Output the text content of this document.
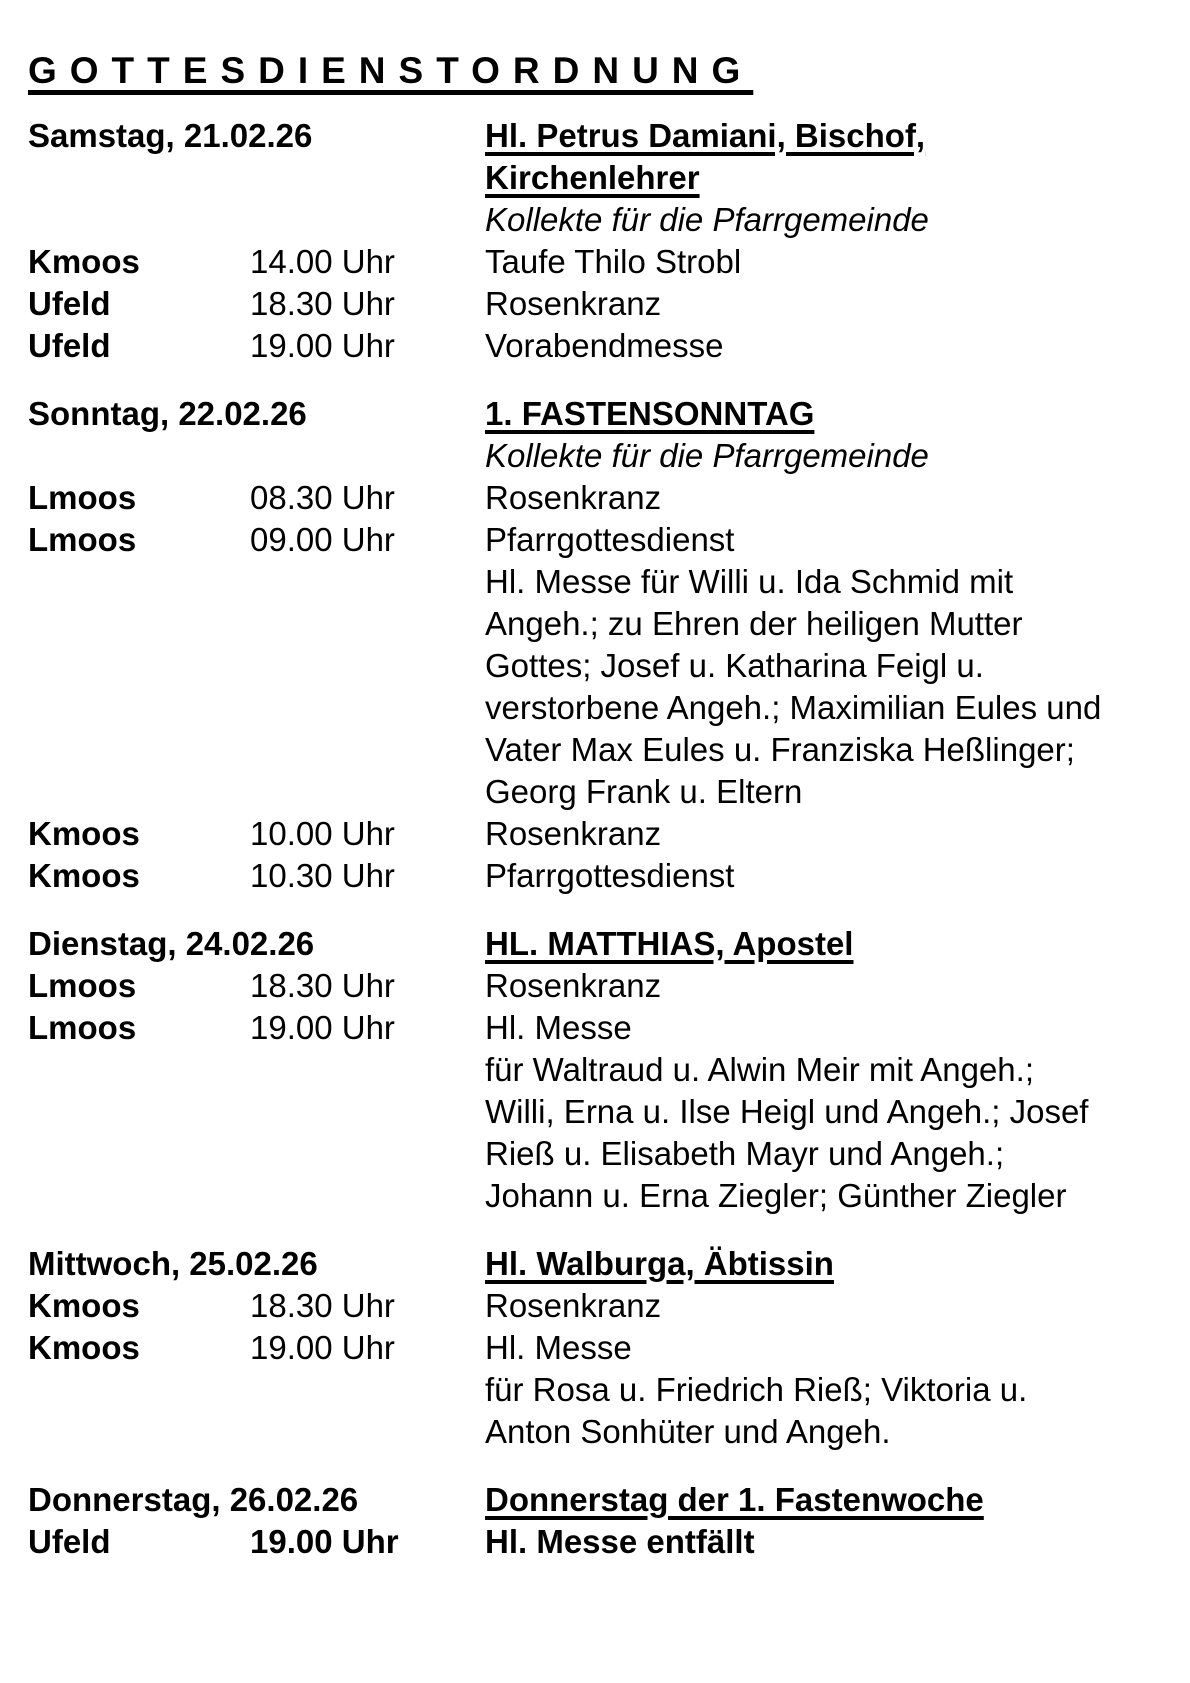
GOTTESDIENSTORDNUNG
Samstag, 21.02.26	Hl. Petrus Damiani, Bischof,
Kirchenlehrer
Kollekte für die Pfarrgemeinde
Kmoos	14.00 Uhr	Taufe Thilo Strobl
Ufeld	18.30 Uhr	Rosenkranz
Ufeld	19.00 Uhr	Vorabendmesse
Sonntag, 22.02.26	1. FASTENSONNTAG
Kollekte für die Pfarrgemeinde
Lmoos	08.30 Uhr	Rosenkranz
Lmoos	09.00 Uhr	Pfarrgottesdienst
Hl. Messe für Willi u. Ida Schmid mit
Angeh.; zu Ehren der heiligen Mutter
Gottes; Josef u. Katharina Feigl u.
verstorbene Angeh.; Maximilian Eules und
Vater Max Eules u. Franziska Heßlinger;
Georg Frank u. Eltern
Kmoos	10.00 Uhr	Rosenkranz
Kmoos	10.30 Uhr	Pfarrgottesdienst
Dienstag, 24.02.26	HL. MATTHIAS, Apostel
Lmoos	18.30 Uhr	Rosenkranz
Lmoos	19.00 Uhr	Hl. Messe
für Waltraud u. Alwin Meir mit Angeh.;
Willi, Erna u. Ilse Heigl und Angeh.; Josef
Rieß u. Elisabeth Mayr und Angeh.;
Johann u. Erna Ziegler; Günther Ziegler
Mittwoch, 25.02.26	Hl. Walburga, Äbtissin
Kmoos	18.30 Uhr	Rosenkranz
Kmoos	19.00 Uhr	Hl. Messe
für Rosa u. Friedrich Rieß; Viktoria u.
Anton Sonhüter und Angeh.
Donnerstag, 26.02.26	Donnerstag der 1. Fastenwoche
Ufeld	19.00 Uhr	Hl. Messe entfällt
